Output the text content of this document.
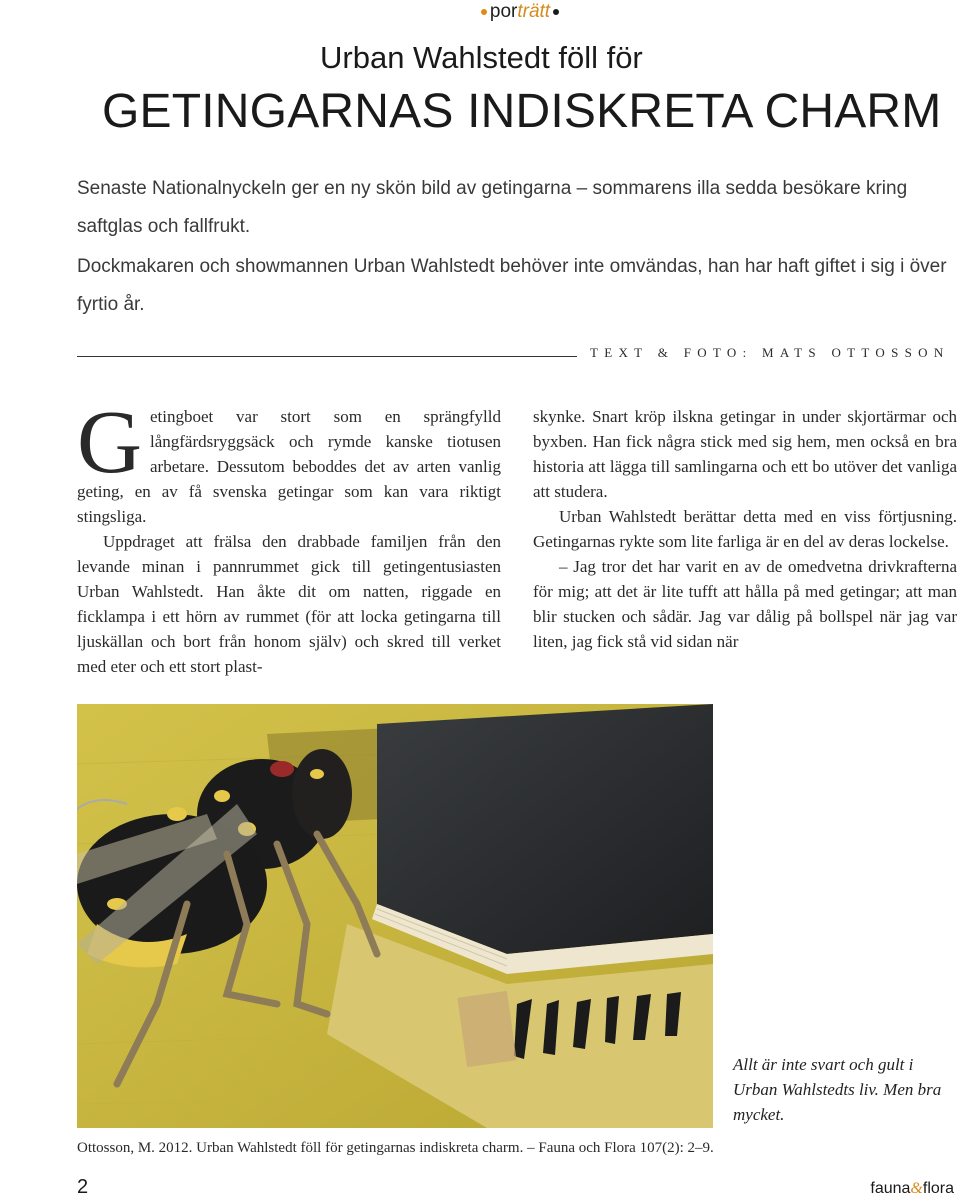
por trätt
Urban Wahlstedt föll för
GETINGARNAS INDISKRETA CHARM
Senaste Nationalnyckeln ger en ny skön bild av getingarna – sommarens illa sedda besökare kring saftglas och fallfrukt.
Dockmakaren och showmannen Urban Wahlstedt behöver inte omvändas, han har haft giftet i sig i över fyrtio år.
TEXT & FOTO: MATS OTTOSSON

Getingboet var stort som en sprängfylld långfärdsryggsäck och rymde kanske tiotusen arbetare. Dessutom beboddes det av arten vanlig geting, en av få svenska getingar som kan vara riktigt stingsliga.

Uppdraget att frälsa den drabbade familjen från den levande minan i pannrummet gick till getingentusiasten Urban Wahlstedt. Han åkte dit om natten, riggade en ficklampa i ett hörn av rummet (för att locka getingarna till ljuskällan och bort från honom själv) och skred till verket med eter och ett stort plast-

skynke. Snart kröp ilskna getingar in under skjortärmar och byxben. Han fick några stick med sig hem, men också en bra historia att lägga till samlingarna och ett bo utöver det vanliga att studera.

Urban Wahlstedt berättar detta med en viss förtjusning. Getingarnas rykte som lite farliga är en del av deras lockelse.

– Jag tror det har varit en av de omedvetna drivkrafterna för mig; att det är lite tufft att hålla på med getingar; att man blir stucken och sådär. Jag var dålig på bollspel när jag var liten, jag fick stå vid sidan när

Allt är inte svart och gult i Urban Wahlstedts liv. Men bra mycket.
Ottosson, M. 2012. Urban Wahlstedt föll för getingarnas indiskreta charm. – Fauna och Flora 107(2): 2–9.
2	fauna&flora
